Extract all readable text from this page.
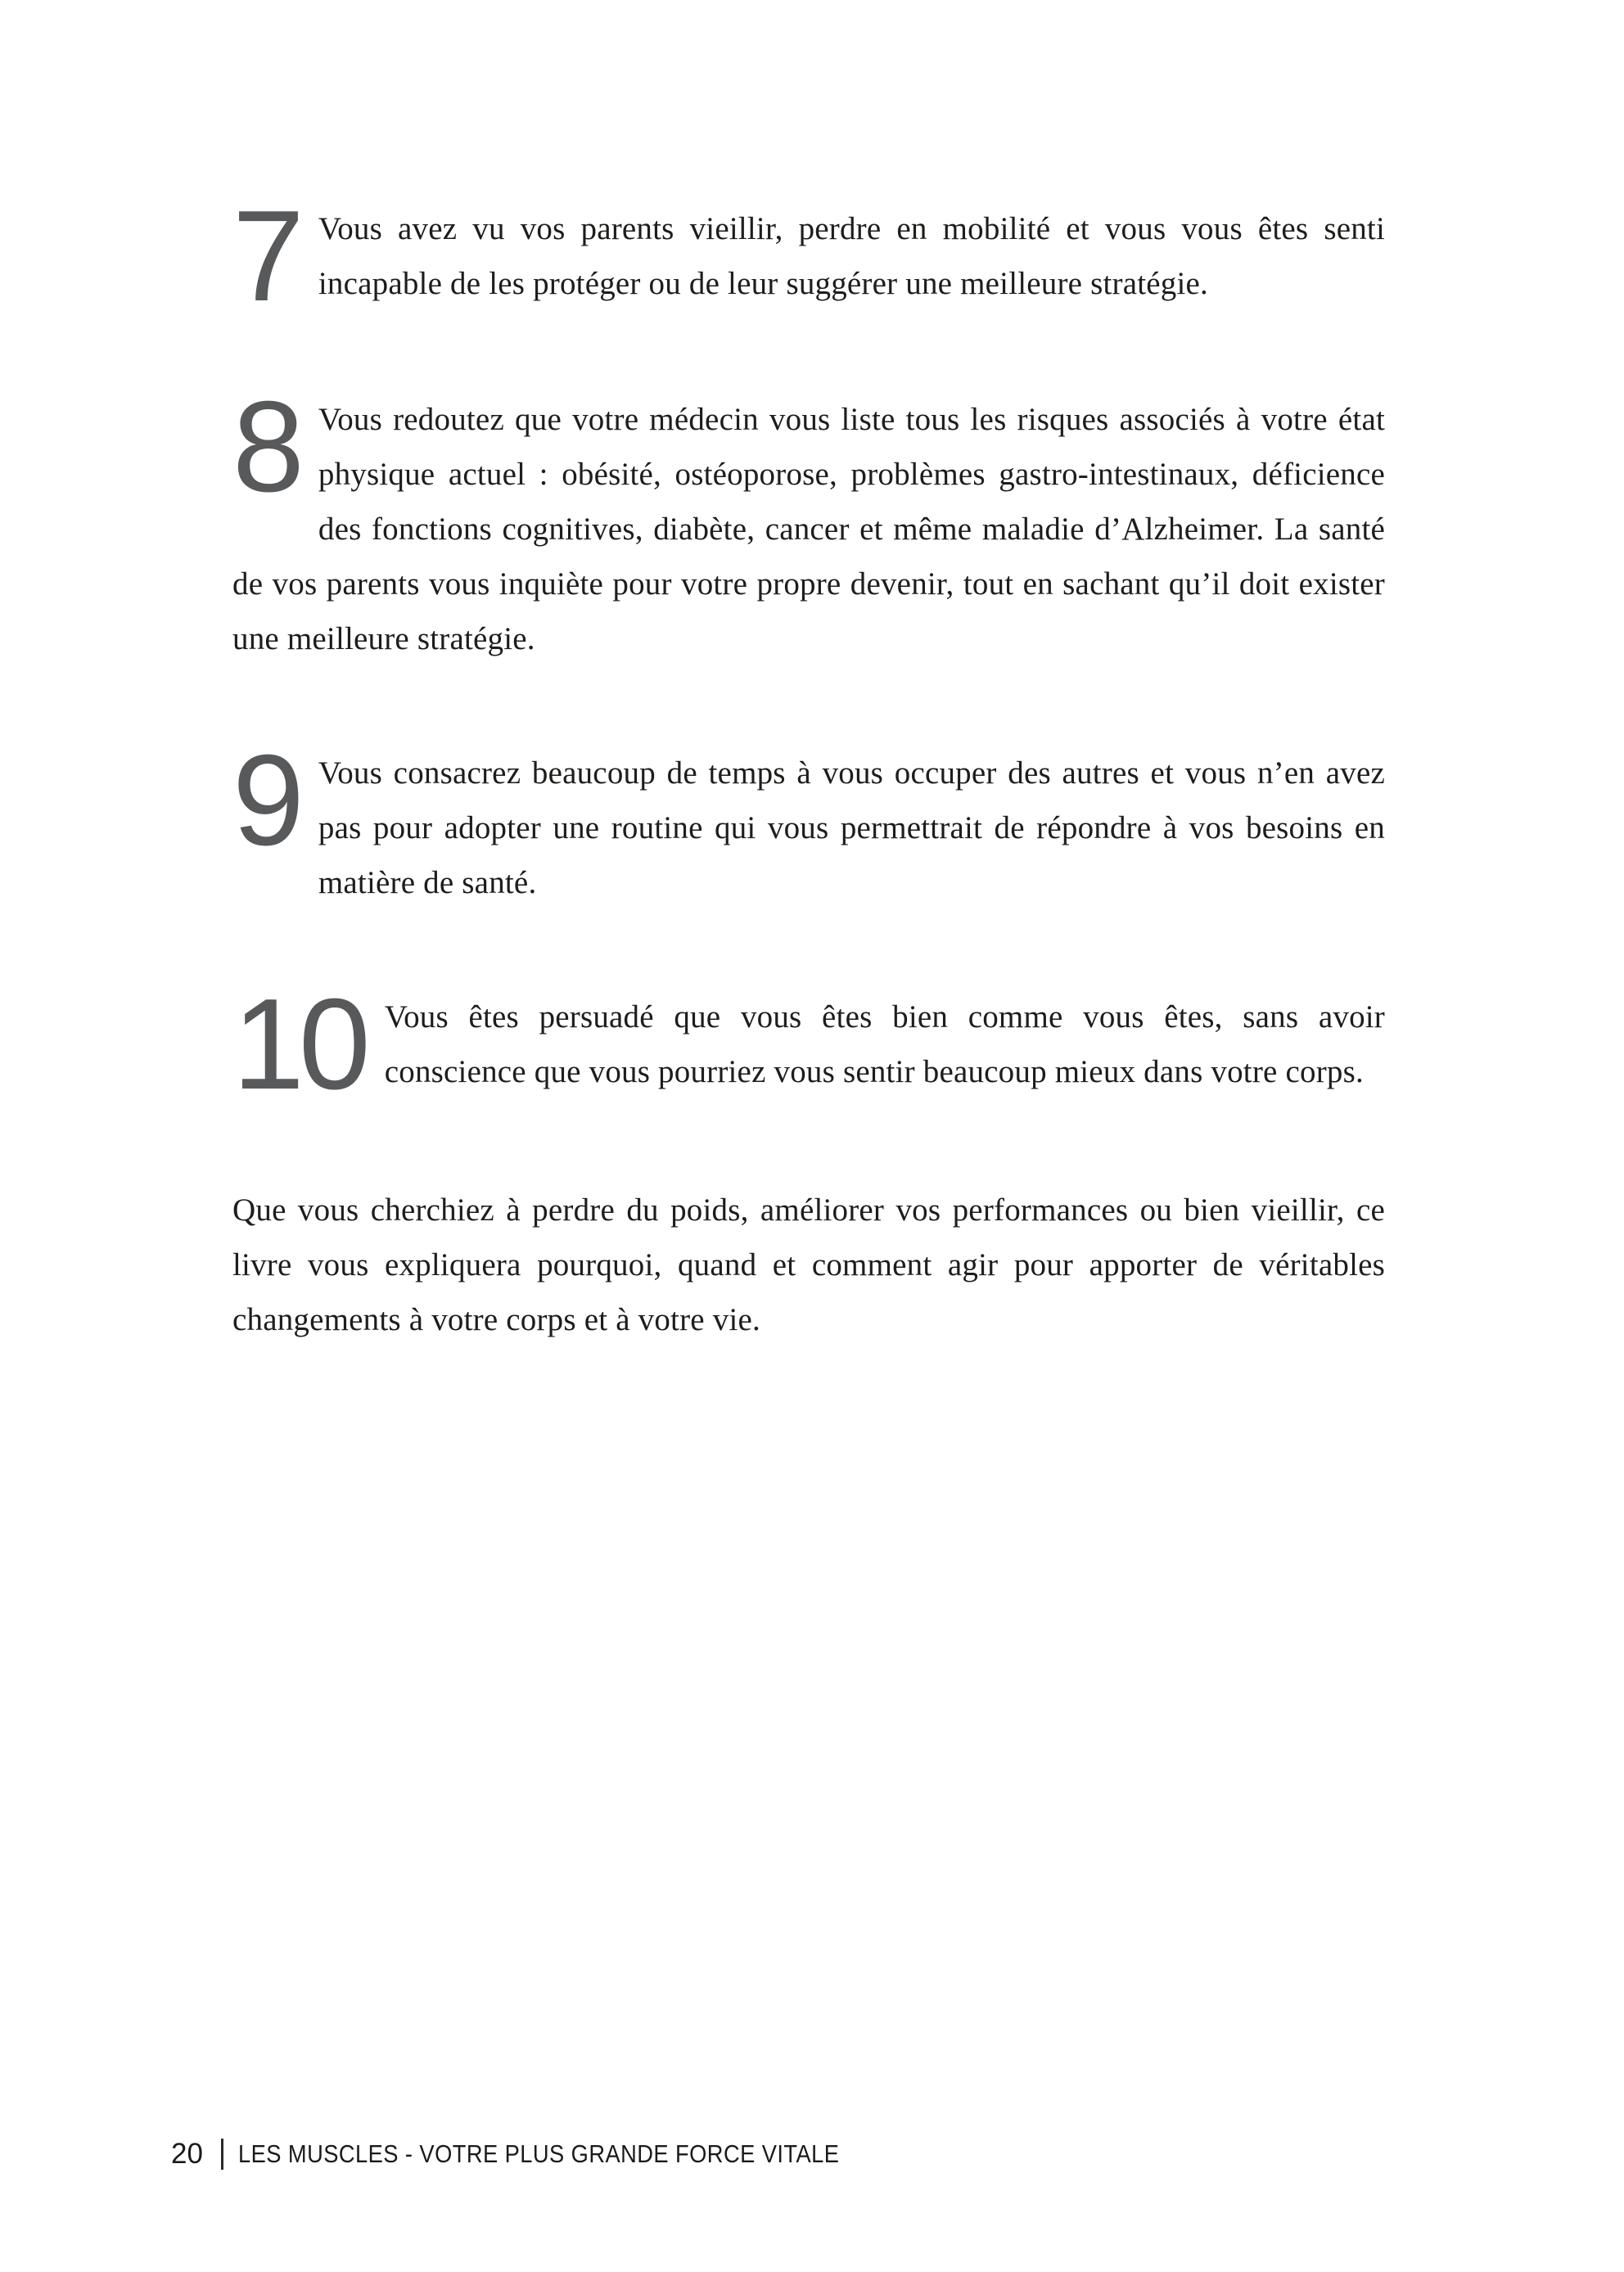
7 Vous avez vu vos parents vieillir, perdre en mobilité et vous vous êtes senti incapable de les protéger ou de leur suggérer une meilleure stratégie.

8 Vous redoutez que votre médecin vous liste tous les risques associés à votre état physique actuel : obésité, ostéoporose, problèmes gastro-intestinaux, déficience des fonctions cognitives, diabète, cancer et même maladie d’Alzheimer. La santé de vos parents vous inquiète pour votre propre devenir, tout en sachant qu’il doit exister une meilleure stratégie.

9 Vous consacrez beaucoup de temps à vous occuper des autres et vous n’en avez pas pour adopter une routine qui vous permettrait de répondre à vos besoins en matière de santé.

10 Vous êtes persuadé que vous êtes bien comme vous êtes, sans avoir conscience que vous pourriez vous sentir beaucoup mieux dans votre corps.

Que vous cherchiez à perdre du poids, améliorer vos performances ou bien vieillir, ce livre vous expliquera pourquoi, quand et comment agir pour apporter de véritables changements à votre corps et à votre vie.

20 LES MUSCLES - VOTRE PLUS GRANDE FORCE VITALE
